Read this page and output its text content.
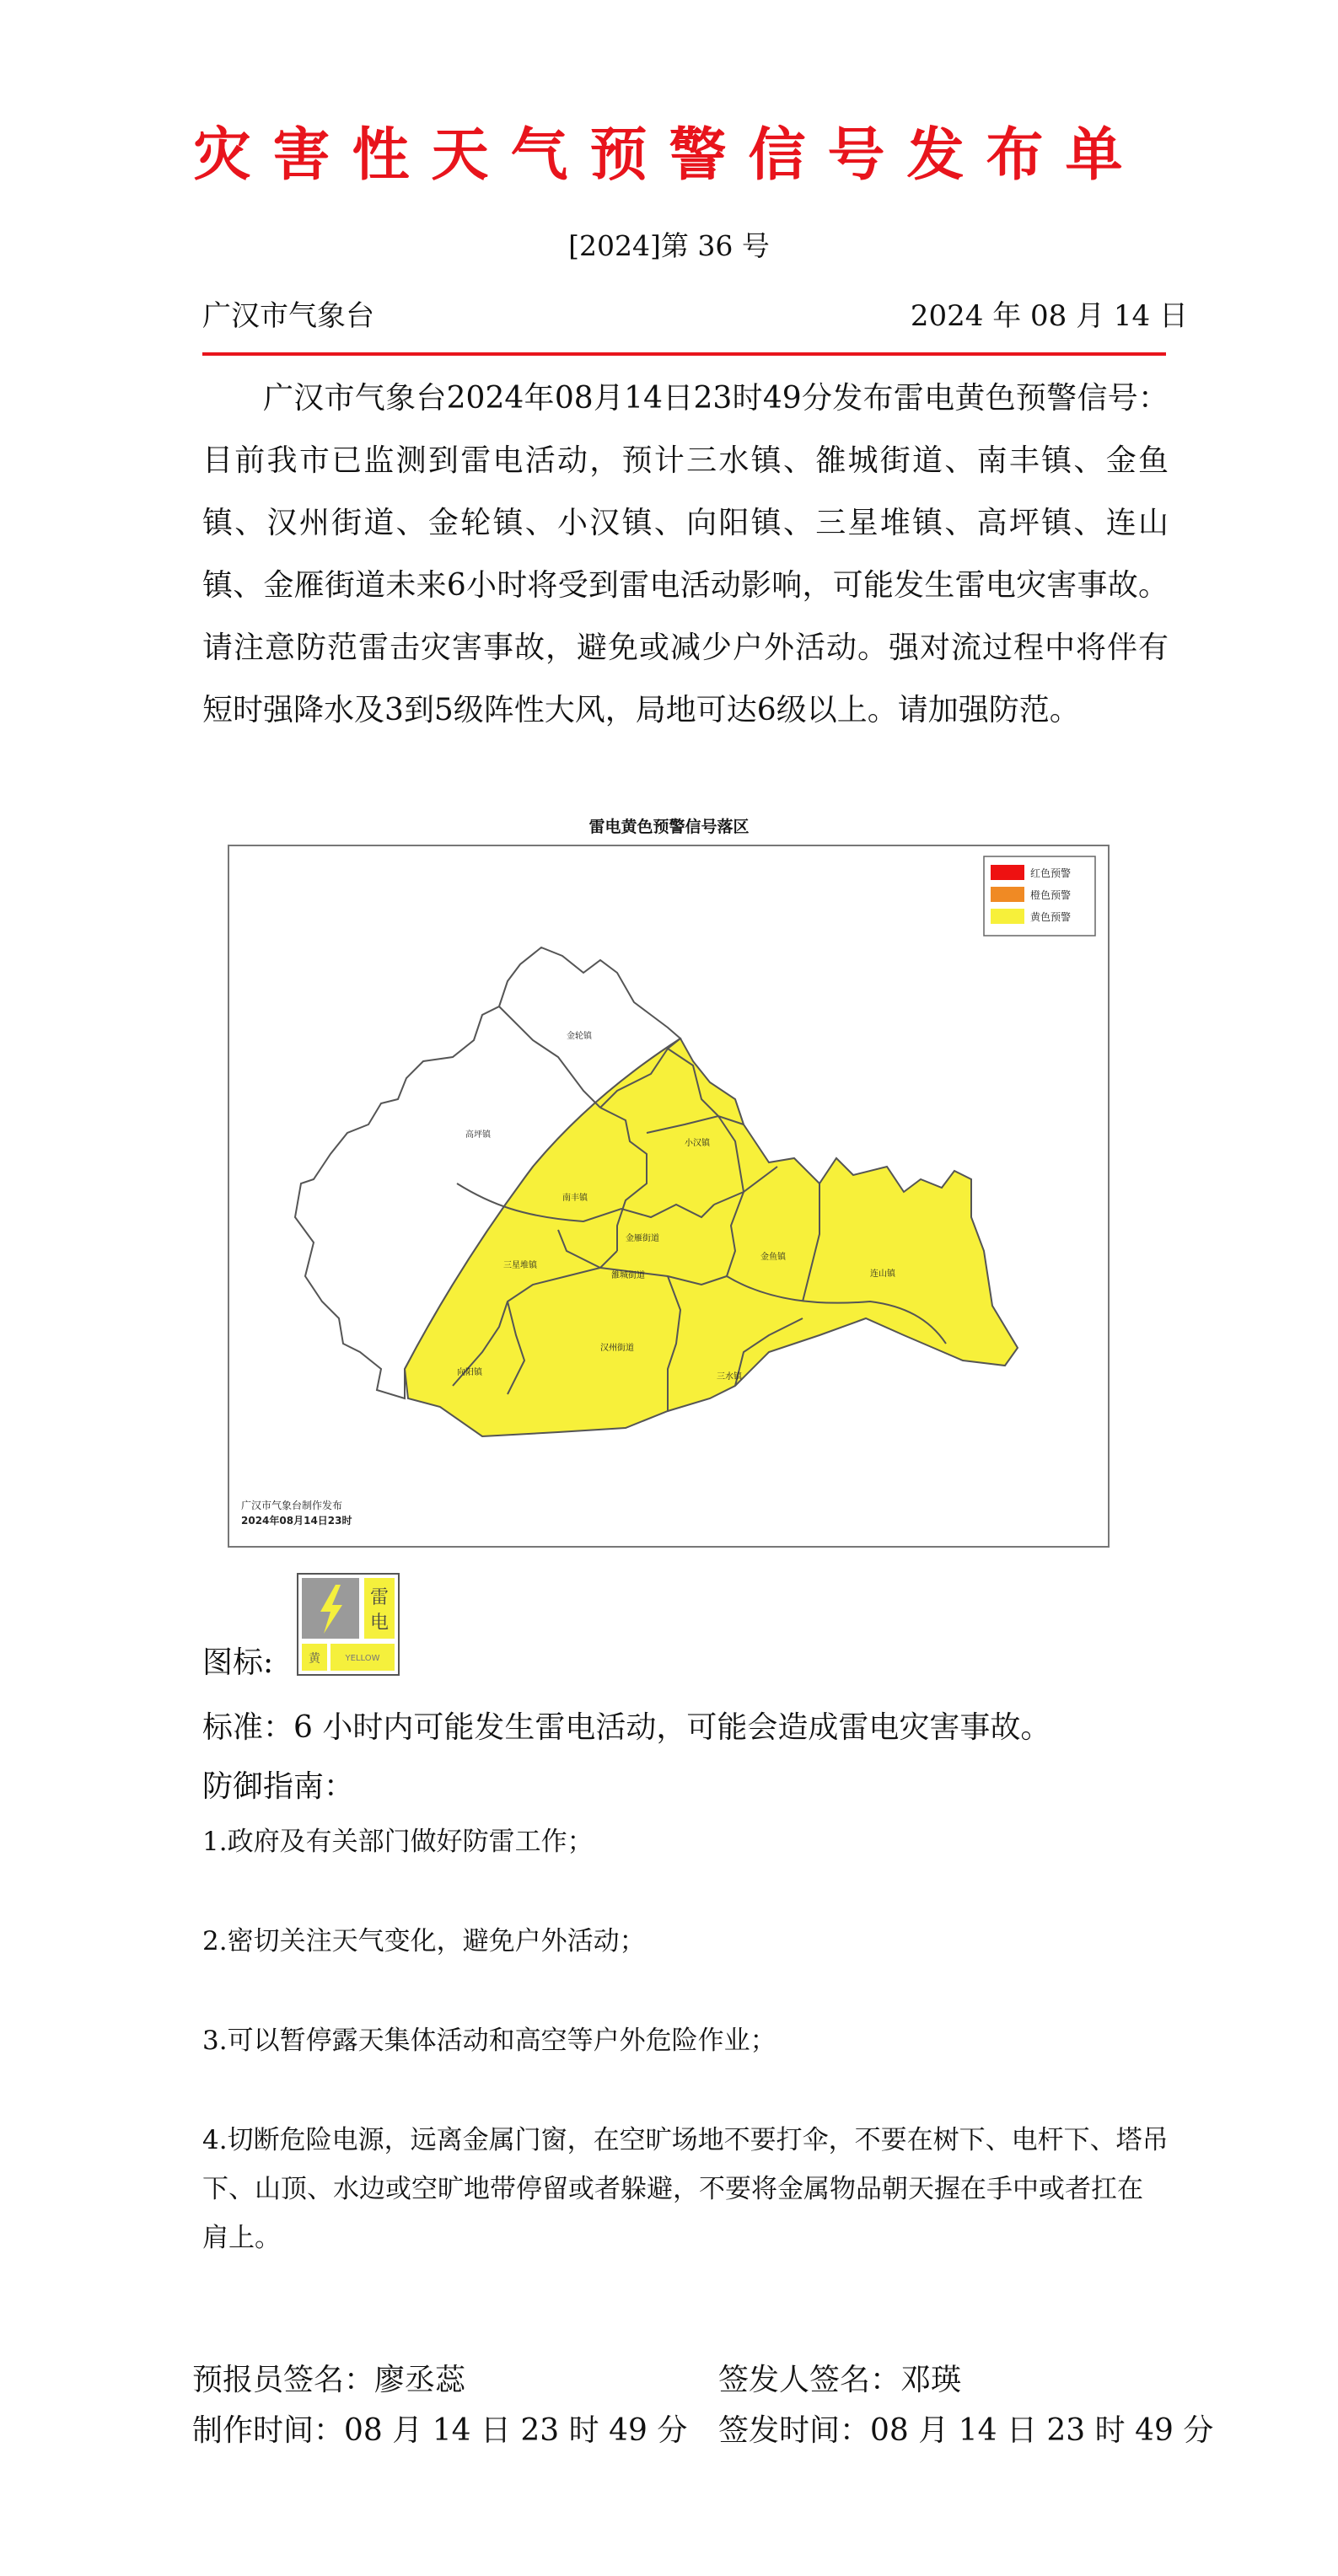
灾害性天气预警信号发布单
[2024]第 36 号
广汉市气象台	2024 年 08 月 14 日
广汉市气象台2024年08月14日23时49分发布雷电黄色预警信号：目前我市已监测到雷电活动，预计三水镇、雒城街道、南丰镇、金鱼镇、汉州街道、金轮镇、小汉镇、向阳镇、三星堆镇、高坪镇、连山镇、金雁街道未来6小时将受到雷电活动影响，可能发生雷电灾害事故。请注意防范雷击灾害事故，避免或减少户外活动。强对流过程中将伴有短时强降水及3到5级阵性大风，局地可达6级以上。请加强防范。
雷电黄色预警信号落区
金轮镇
高坪镇
南丰镇
小汉镇
金雁街道
三星堆镇
雒城街道
金鱼镇
连山镇
汉州街道
向阳镇	三水镇
红色预警
橙色预警
黄色预警
广汉市气象台制作发布
2024年08月14日23时
图标:
雷
电
黄	YELLOW
标准：6 小时内可能发生雷电活动，可能会造成雷电灾害事故。
防御指南：
1.政府及有关部门做好防雷工作；
2.密切关注天气变化，避免户外活动；
3.可以暂停露天集体活动和高空等户外危险作业；
4.切断危险电源，远离金属门窗，在空旷场地不要打伞，不要在树下、电杆下、塔吊下、山顶、水边或空旷地带停留或者躲避，不要将金属物品朝天握在手中或者扛在肩上。
预报员签名：廖丞蕊	签发人签名：邓瑛
制作时间：08 月 14 日 23 时 49 分 签发时间：08 月 14 日 23 时 49 分
